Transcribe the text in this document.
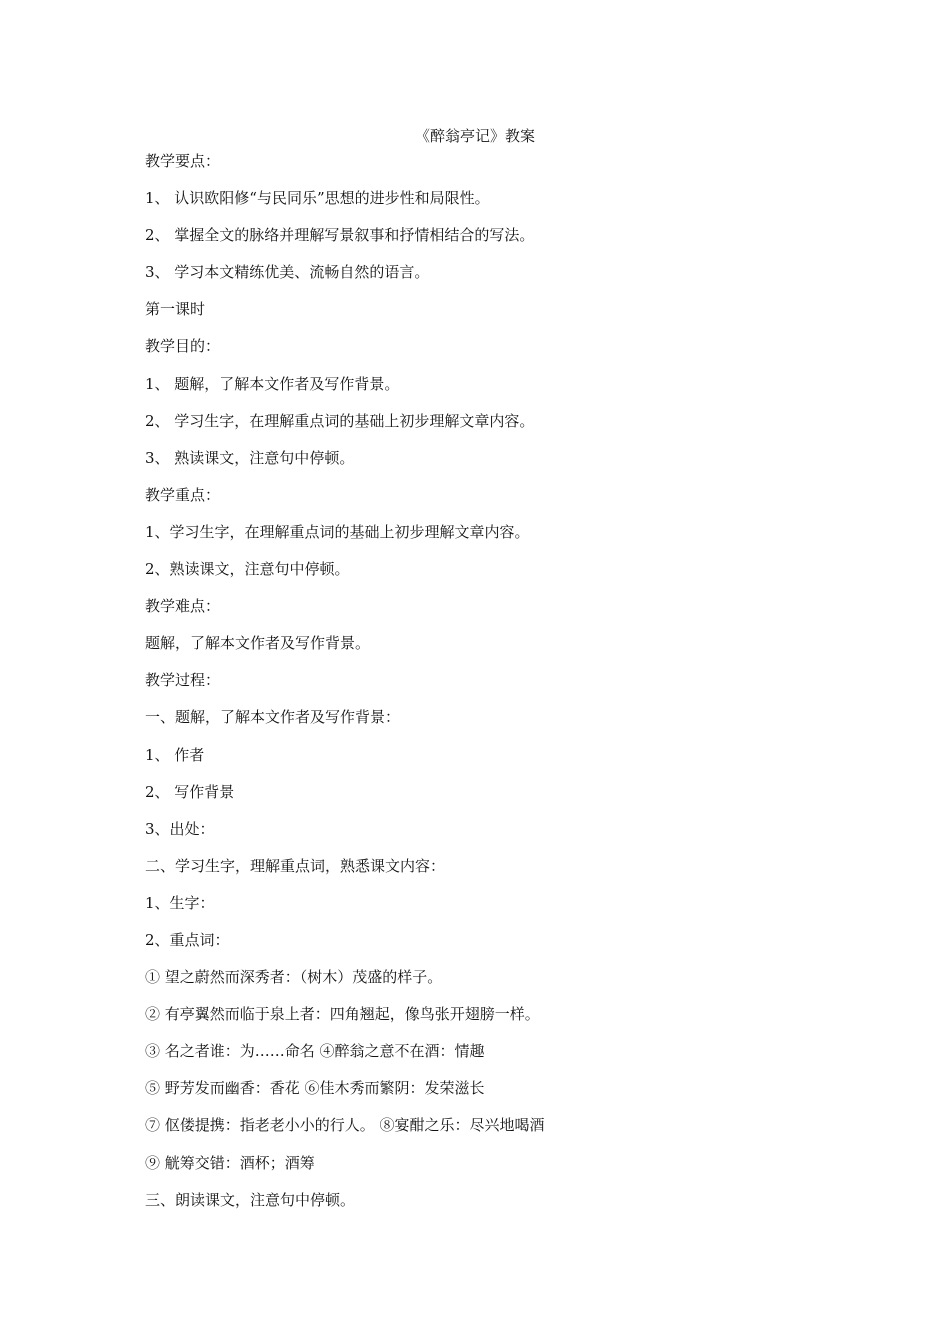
《醉翁亭记》教案
教学要点：
1、 认识欧阳修“与民同乐”思想的进步性和局限性。
2、 掌握全文的脉络并理解写景叙事和抒情相结合的写法。
3、 学习本文精练优美、流畅自然的语言。
第一课时
教学目的：
1、 题解，了解本文作者及写作背景。
2、 学习生字，在理解重点词的基础上初步理解文章内容。
3、 熟读课文，注意句中停顿。
教学重点：
1、学习生字，在理解重点词的基础上初步理解文章内容。
2、熟读课文，注意句中停顿。
教学难点：
题解，了解本文作者及写作背景。
教学过程：
一、题解，了解本文作者及写作背景：
1、 作者
2、 写作背景
3、出处：
二、学习生字，理解重点词，熟悉课文内容：
1、生字：
2、重点词：
① 望之蔚然而深秀者：（树木）茂盛的样子。
② 有亭翼然而临于泉上者：四角翘起，像鸟张开翅膀一样。
③ 名之者谁：为……命名 ④醉翁之意不在酒：情趣
⑤ 野芳发而幽香：香花 ⑥佳木秀而繁阴：发荣滋长
⑦ 伛偻提携：指老老小小的行人。 ⑧宴酣之乐：尽兴地喝酒
⑨ 觥筹交错：酒杯；酒筹
三、朗读课文，注意句中停顿。
